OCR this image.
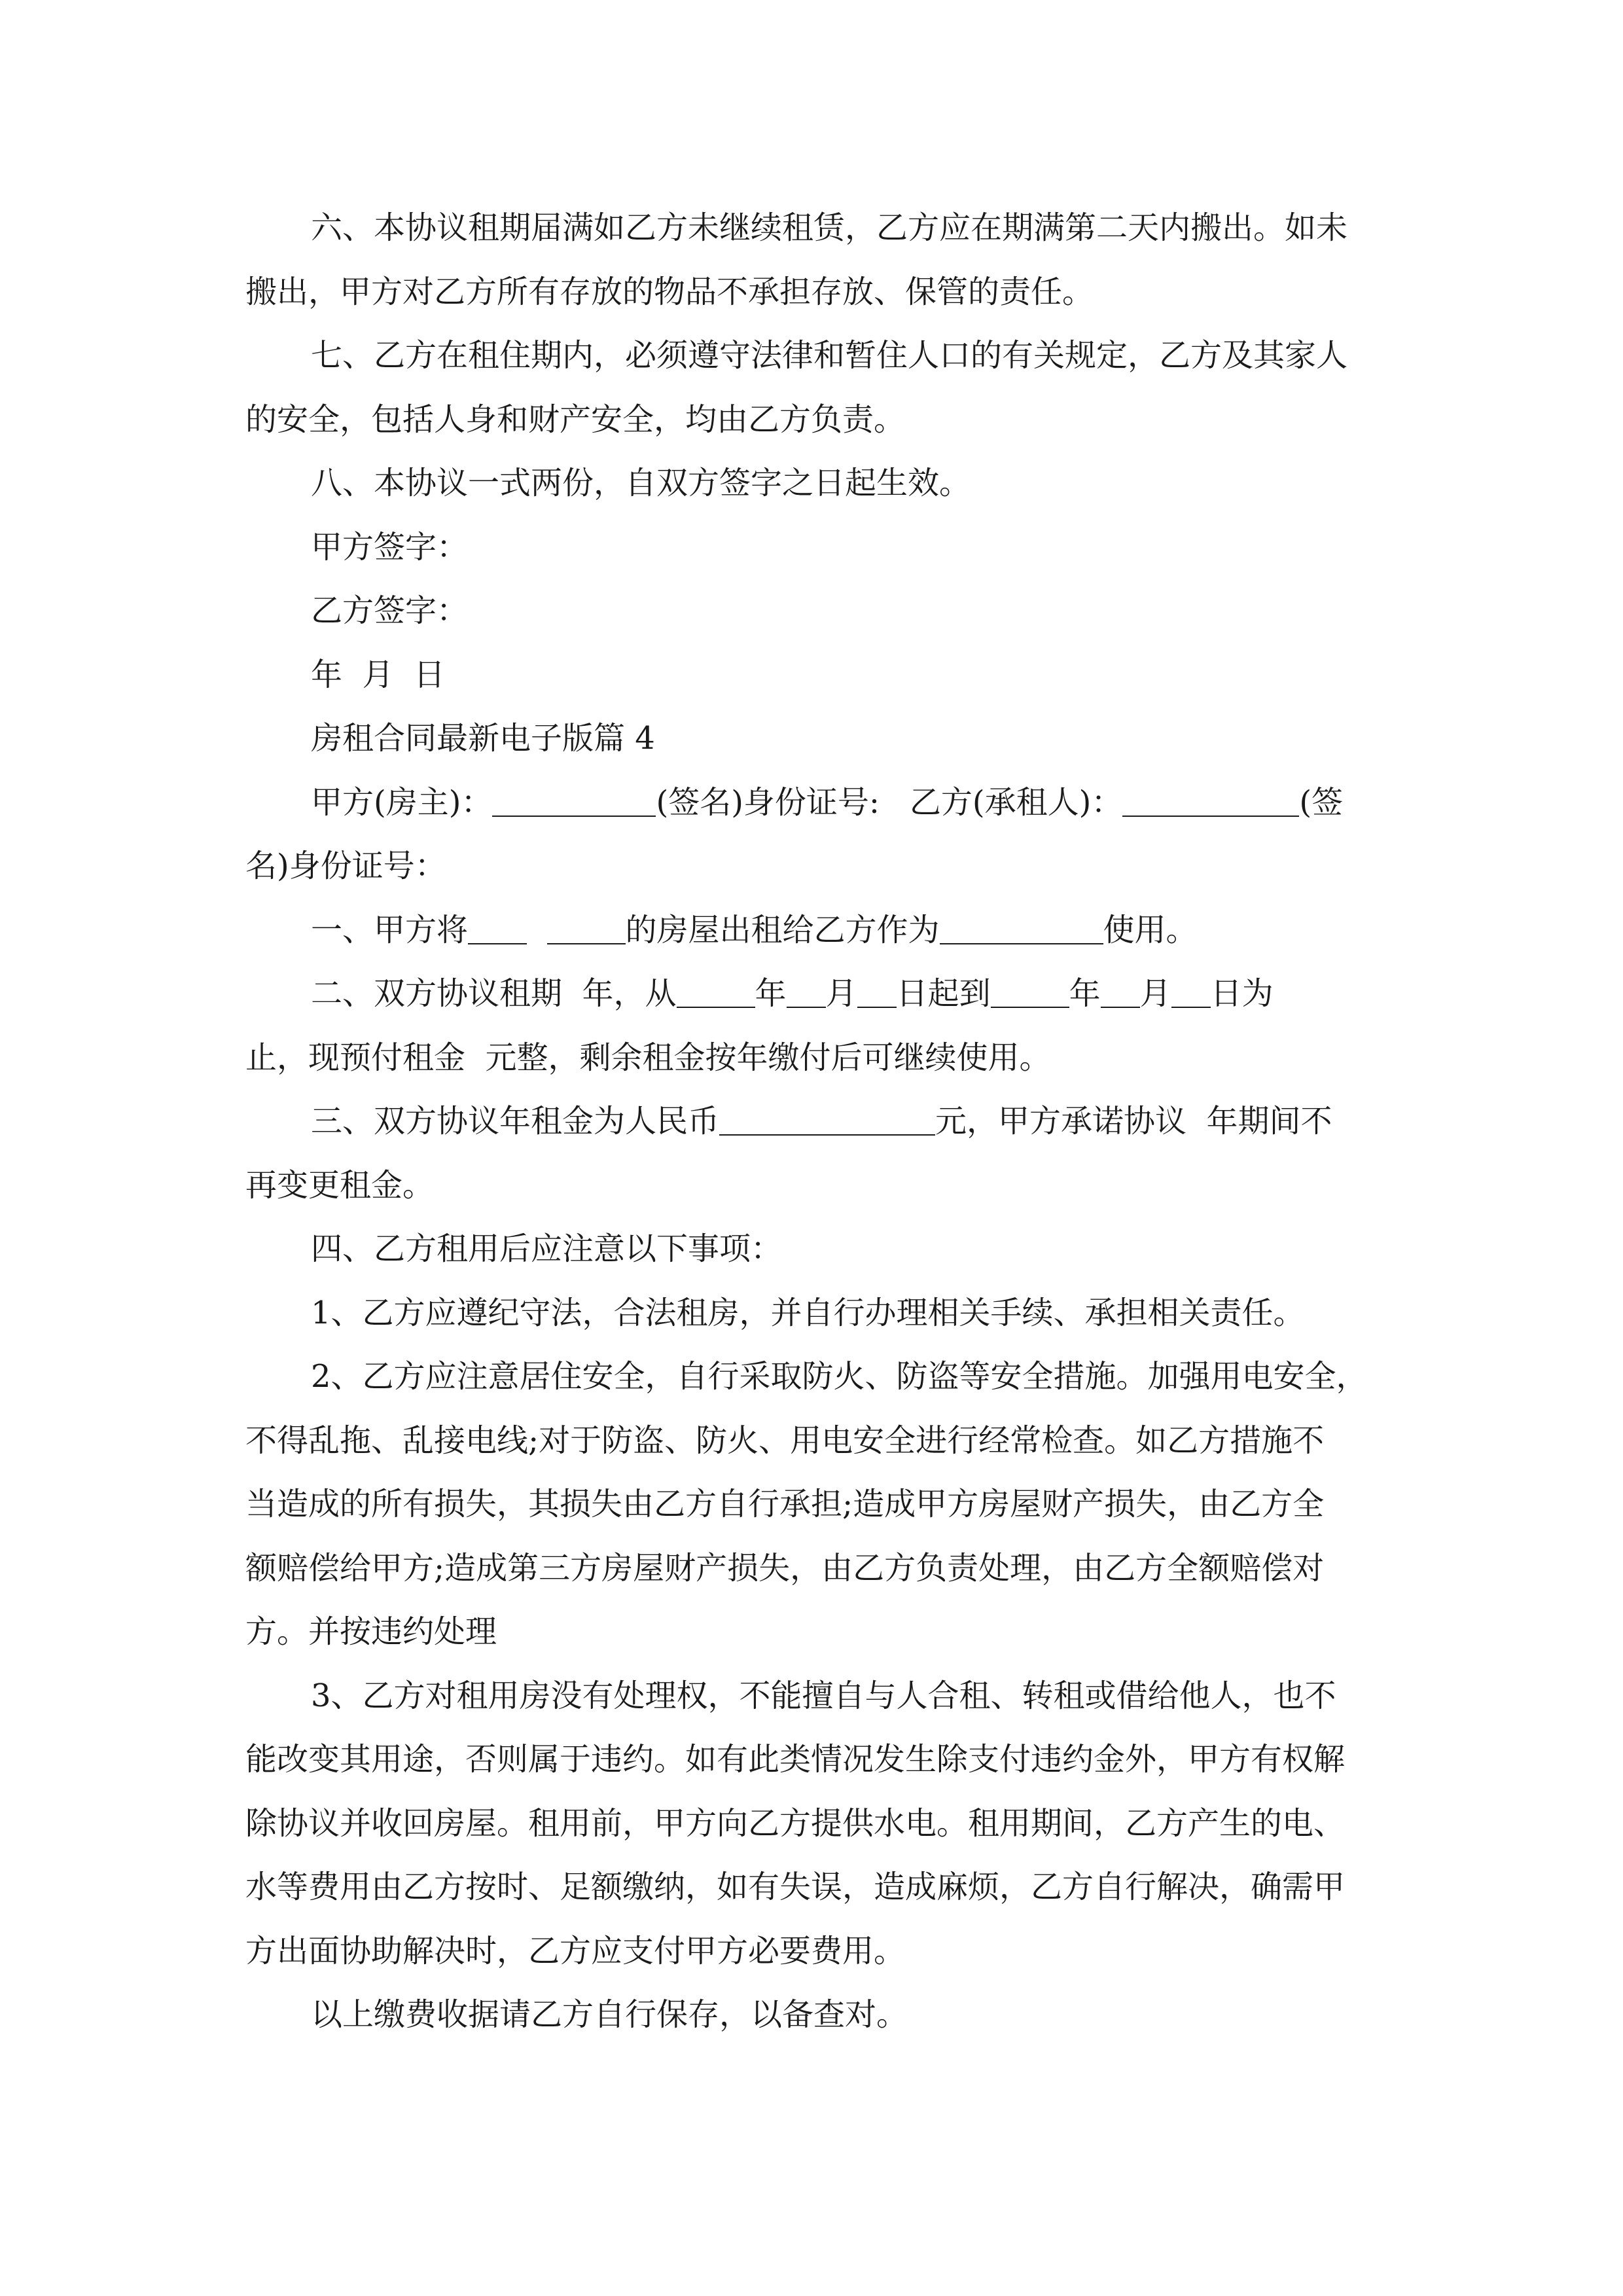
六、本协议租期届满如乙方未继续租赁，乙方应在期满第二天内搬出。如未

搬出，甲方对乙方所有存放的物品不承担存放、保管的责任。

七、乙方在租住期内，必须遵守法律和暂住人口的有关规定，乙方及其家人

的安全，包括人身和财产安全，均由乙方负责。

八、本协议一式两份，自双方签字之日起生效。

甲方签字：

乙方签字：

年  月  日

房租合同最新电子版篇 4

甲方(房主)：	(签名)身份证号: 乙方(承租人)：	(签

名)身份证号：

一、甲方将	的房屋出租给乙方作为	使用。

二、双方协议租期  年，从	年 月 日起到	年 月 日为

止，现预付租金  元整，剩余租金按年缴付后可继续使用。

三、双方协议年租金为人民币	元，甲方承诺协议  年期间不

再变更租金。

四、乙方租用后应注意以下事项：

1、乙方应遵纪守法，合法租房，并自行办理相关手续、承担相关责任。

2、乙方应注意居住安全，自行采取防火、防盗等安全措施。加强用电安全，

不得乱拖、乱接电线;对于防盗、防火、用电安全进行经常检查。如乙方措施不

当造成的所有损失，其损失由乙方自行承担;造成甲方房屋财产损失，由乙方全

额赔偿给甲方;造成第三方房屋财产损失，由乙方负责处理，由乙方全额赔偿对

方。并按违约处理

3、乙方对租用房没有处理权，不能擅自与人合租、转租或借给他人，也不

能改变其用途，否则属于违约。如有此类情况发生除支付违约金外，甲方有权解

除协议并收回房屋。租用前，甲方向乙方提供水电。租用期间，乙方产生的电、

水等费用由乙方按时、足额缴纳，如有失误，造成麻烦，乙方自行解决，确需甲

方出面协助解决时，乙方应支付甲方必要费用。

以上缴费收据请乙方自行保存，以备查对。
